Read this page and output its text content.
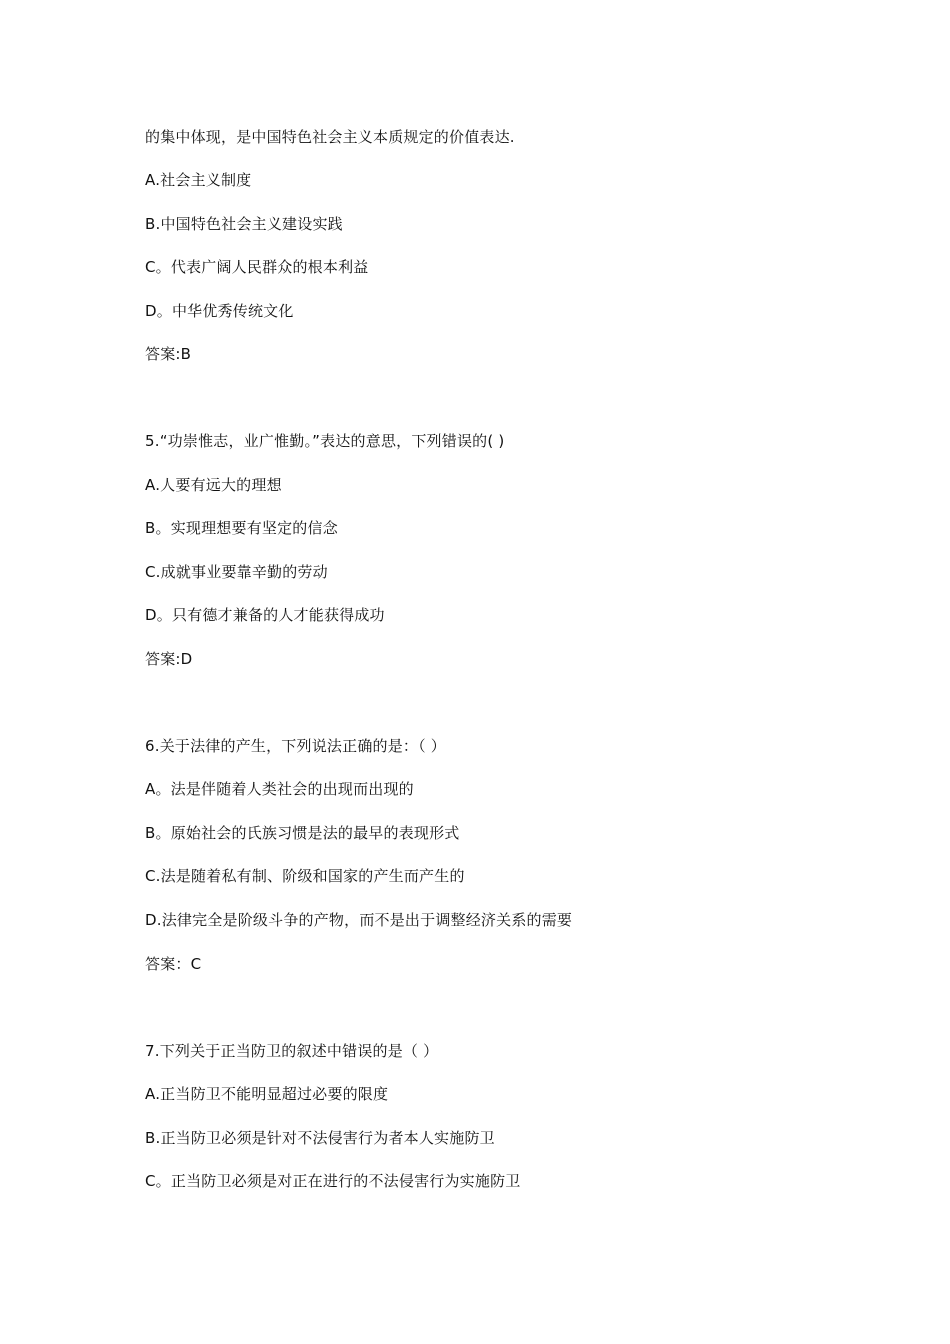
的集中体现，是中国特色社会主义本质规定的价值表达.
A.社会主义制度
B.中国特色社会主义建设实践
C。代表广阔人民群众的根本利益
D。中华优秀传统文化
答案:B
5.“功崇惟志，业广惟勤。”表达的意思，下列错误的( )
A.人要有远大的理想
B。实现理想要有坚定的信念
C.成就事业要靠辛勤的劳动
D。只有德才兼备的人才能获得成功
答案:D
6.关于法律的产生，下列说法正确的是：（ ）
A。法是伴随着人类社会的出现而出现的
B。原始社会的氏族习惯是法的最早的表现形式
C.法是随着私有制、阶级和国家的产生而产生的
D.法律完全是阶级斗争的产物，而不是出于调整经济关系的需要
答案：C
7.下列关于正当防卫的叙述中错误的是（ ）
A.正当防卫不能明显超过必要的限度
B.正当防卫必须是针对不法侵害行为者本人实施防卫
C。正当防卫必须是对正在进行的不法侵害行为实施防卫
